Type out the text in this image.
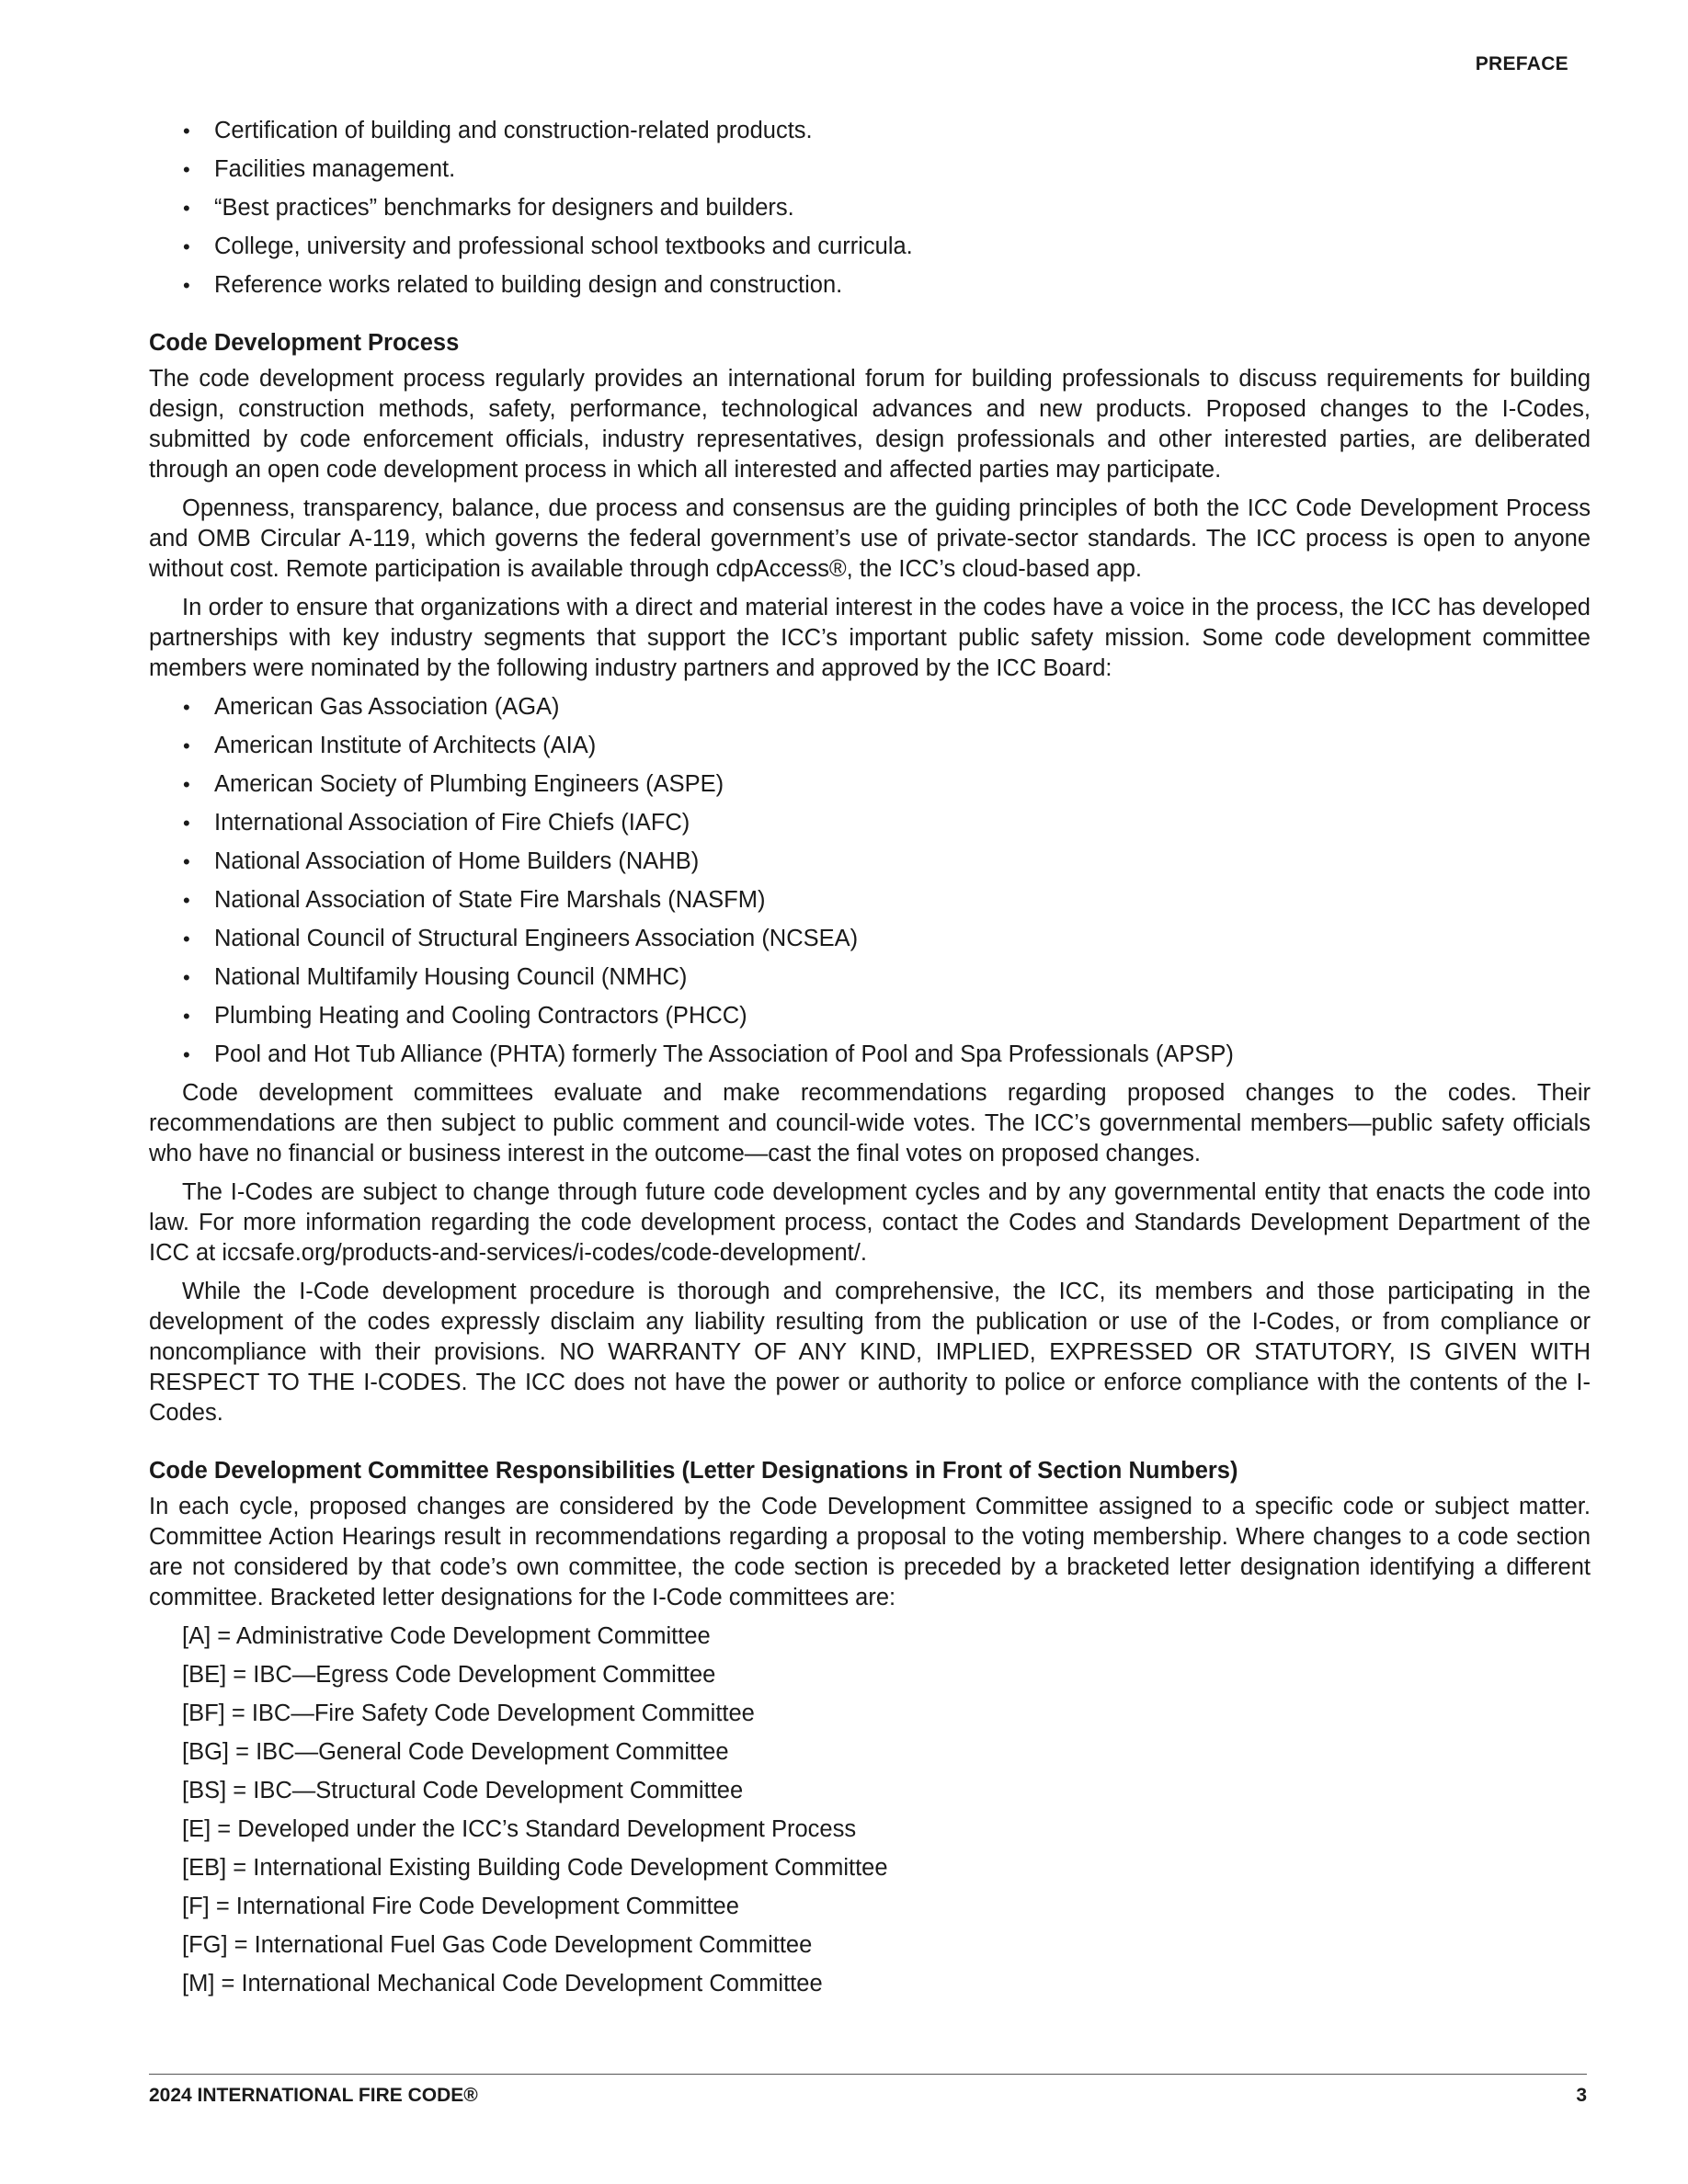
PREFACE
• Certification of building and construction-related products.
• Facilities management.
• “Best practices” benchmarks for designers and builders.
• College, university and professional school textbooks and curricula.
• Reference works related to building design and construction.
Code Development Process

The code development process regularly provides an international forum for building professionals to discuss requirements for building design, construction methods, safety, performance, technological advances and new products. Proposed changes to the I-Codes, submitted by code enforcement officials, industry representatives, design professionals and other interested parties, are deliberated through an open code development process in which all interested and affected parties may participate.

Openness, transparency, balance, due process and consensus are the guiding principles of both the ICC Code Development Process and OMB Circular A-119, which governs the federal government’s use of private-sector standards. The ICC process is open to anyone without cost. Remote participation is available through cdpAccess®, the ICC’s cloud-based app.

In order to ensure that organizations with a direct and material interest in the codes have a voice in the process, the ICC has developed partnerships with key industry segments that support the ICC’s important public safety mission. Some code development committee members were nominated by the following industry partners and approved by the ICC Board:

• American Gas Association (AGA)
• American Institute of Architects (AIA)
• American Society of Plumbing Engineers (ASPE)
• International Association of Fire Chiefs (IAFC)
• National Association of Home Builders (NAHB)
• National Association of State Fire Marshals (NASFM)
• National Council of Structural Engineers Association (NCSEA)
• National Multifamily Housing Council (NMHC)
• Plumbing Heating and Cooling Contractors (PHCC)
• Pool and Hot Tub Alliance (PHTA) formerly The Association of Pool and Spa Professionals (APSP)

Code development committees evaluate and make recommendations regarding proposed changes to the codes. Their recommendations are then subject to public comment and council-wide votes. The ICC’s governmental members—public safety officials who have no financial or business interest in the outcome—cast the final votes on proposed changes.

The I-Codes are subject to change through future code development cycles and by any governmental entity that enacts the code into law. For more information regarding the code development process, contact the Codes and Standards Development Department of the ICC at iccsafe.org/products-and-services/i-codes/code-development/.

While the I-Code development procedure is thorough and comprehensive, the ICC, its members and those participating in the development of the codes expressly disclaim any liability resulting from the publication or use of the I-Codes, or from compliance or noncompliance with their provisions. NO WARRANTY OF ANY KIND, IMPLIED, EXPRESSED OR STATUTORY, IS GIVEN WITH RESPECT TO THE I-CODES. The ICC does not have the power or authority to police or enforce compliance with the contents of the I-Codes.

Code Development Committee Responsibilities (Letter Designations in Front of Section Numbers)

In each cycle, proposed changes are considered by the Code Development Committee assigned to a specific code or subject matter. Committee Action Hearings result in recommendations regarding a proposal to the voting membership. Where changes to a code section are not considered by that code’s own committee, the code section is preceded by a bracketed letter designation identifying a different committee. Bracketed letter designations for the I-Code committees are:

[A] = Administrative Code Development Committee
[BE] = IBC—Egress Code Development Committee
[BF] = IBC—Fire Safety Code Development Committee
[BG] = IBC—General Code Development Committee
[BS] = IBC—Structural Code Development Committee
[E] = Developed under the ICC’s Standard Development Process
[EB] = International Existing Building Code Development Committee
[F] = International Fire Code Development Committee
[FG] = International Fuel Gas Code Development Committee
[M] = International Mechanical Code Development Committee
2024 INTERNATIONAL FIRE CODE®	3
